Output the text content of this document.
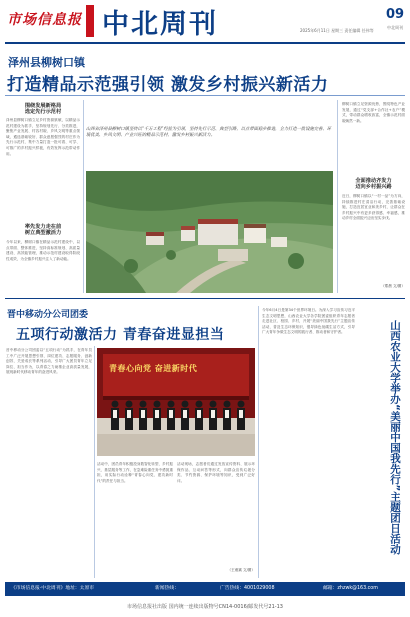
市场信息报 中北周刊	2025年6月11日 星期三 责任编辑 任伟等
09
中北周刊
泽州县柳树口镇
打造精品示范强引领 激发乡村振兴新活力
围绕发展新格局
选定先行示范村
泽州县柳树口镇立足乡村资源禀赋，以精品示范村建设为抓手，坚持规划先行、分类推进，聚焦产业发展、村容村貌、乡风文明等重点领域，遴选基础较好、群众意愿强烈的村庄作为先行示范村，集中力量打造一批可看、可学、可推广的乡村振兴样板，有效发挥示范带动作用。
率先发力走在前
树立典型激活力
今年以来，柳树口镇在精品示范村建设中，以点带面、整体推进，坚持高标准规划、高质量建设、高效能管理，推动示范村建设取得阶段性成效，为全镇乡村振兴注入了新动能。
山西省泽州县柳树口镇坚持以“千万工程”经验为引领，坚持先行示范、典型引路，以点带面稳步推进，全力打造一批设施完善、环境优美、乡风文明、产业兴旺的精品示范村，激发乡村振兴新活力。
柳树口镇立足资源优势，围绕特色产业发展，通过“党支部+合作社+农户”模式，带动群众增收致富，全镇示范村面貌焕然一新。
全面推动齐发力
迈向乡村振兴路
近日，柳树口镇以“一村一品”为方向，持续推进村庄清洁行动，完善基础设施，打造宜居宜业和美乡村，让群众在乡村振兴中有更多获得感、幸福感，推动乡村全面振兴迈出坚实步伐。
（郑晨 文/图）
晋中移动分公司团委
五项行动激活力 青春奋进显担当
晋中移动分公司团委以“五项行动”为抓手，在青年员工中广泛开展思想引领、岗位建功、志愿服务、创新创效、关爱成长等系列活动，引导广大团员青年立足岗位、担当作为，以青春之力助推企业高质量发展，展现新时代移动青年的奋进风采。	青春心向党 奋进新时代
活动中，团员青年积极投身数智化转型、乡村振兴、基层服务等工作，在急难险重任务中勇挑重担，用实际行动诠释“青春心向党、建功新时代”的责任与担当。
活动现场，志愿者们通过发放宣传资料、展示环保作品、互动问答等形式，向群众宣传垃圾分类、节约资源、保护环境等知识，受到广泛好评。
（王甫斌 文/图）
今年6月4日是第34个世界环境日。为深入学习宣传习近平生态文明思想，山西农业大学各学院团委组织青年志愿者走进社区、校园、乡村，开展“美丽中国我先行”主题宣传活动，普及生态环保知识，倡导绿色低碳生活方式，引导广大青年争做生态文明的践行者、推动者和守护者。	山西农业大学举办“美丽中国我先行”主题团日活动
《市场信息报·中北周刊》地址：太原市	新闻热线：	广告热线：4001029008	邮箱：zhzwk@163.com
市场信息报社出版 国内统一连续出版物号CN14-0016/邮发代号21-13
